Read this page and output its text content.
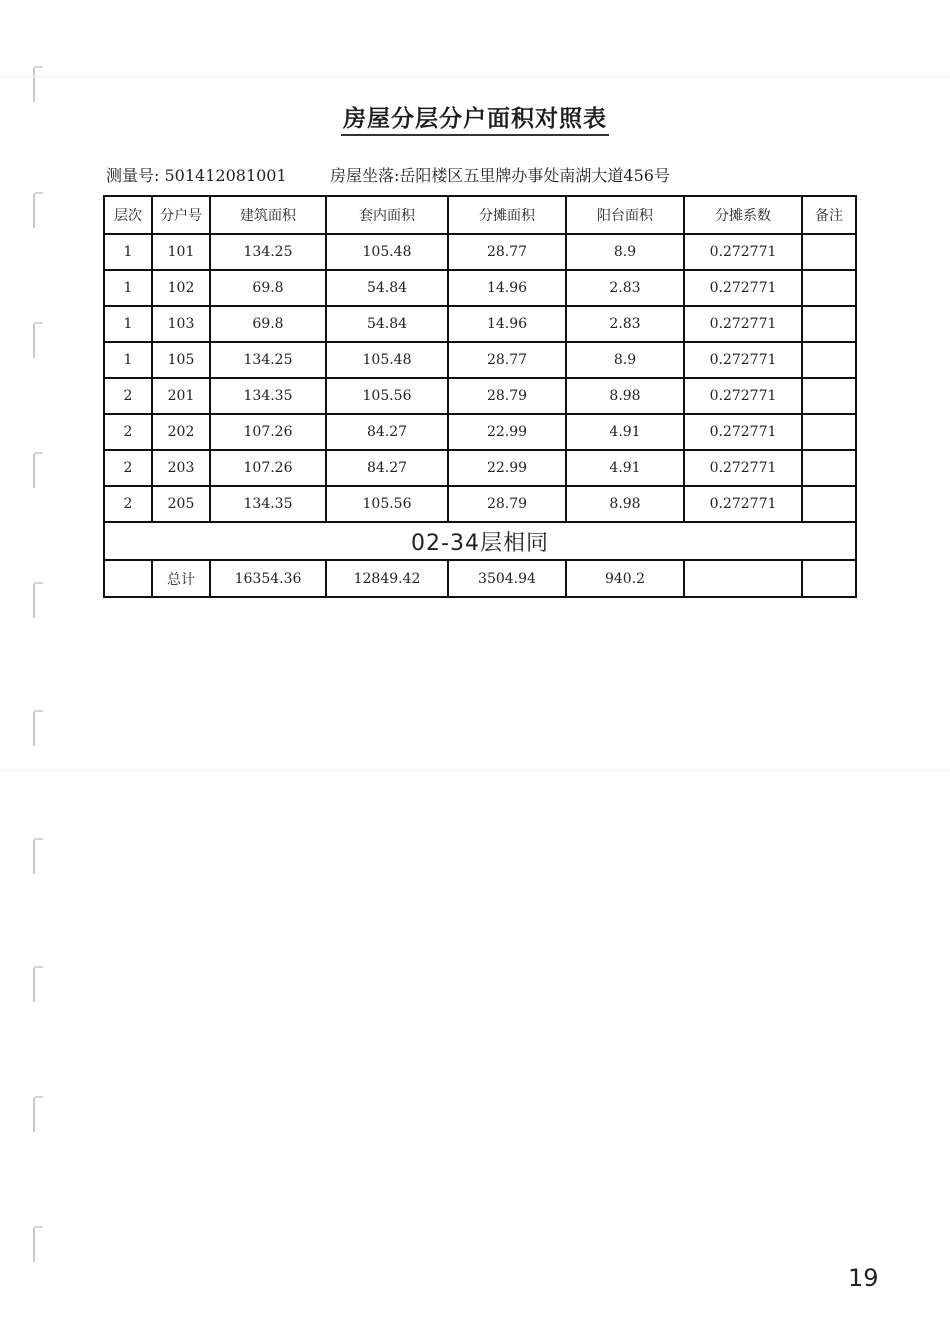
房屋分层分户面积对照表
测量号: 501412081001	房屋坐落:岳阳楼区五里牌办事处南湖大道456号
层次	分户号	建筑面积	套内面积	分摊面积	阳台面积	分摊系数	备注
1	101	134.25	105.48	28.77	8.9	0.272771	
1	102	69.8	54.84	14.96	2.83	0.272771	
1	103	69.8	54.84	14.96	2.83	0.272771	
1	105	134.25	105.48	28.77	8.9	0.272771	
2	201	134.35	105.56	28.79	8.98	0.272771	
2	202	107.26	84.27	22.99	4.91	0.272771	
2	203	107.26	84.27	22.99	4.91	0.272771	
2	205	134.35	105.56	28.79	8.98	0.272771	
02-34层相同							
	总计	16354.36	12849.42	3504.94	940.2		
19
